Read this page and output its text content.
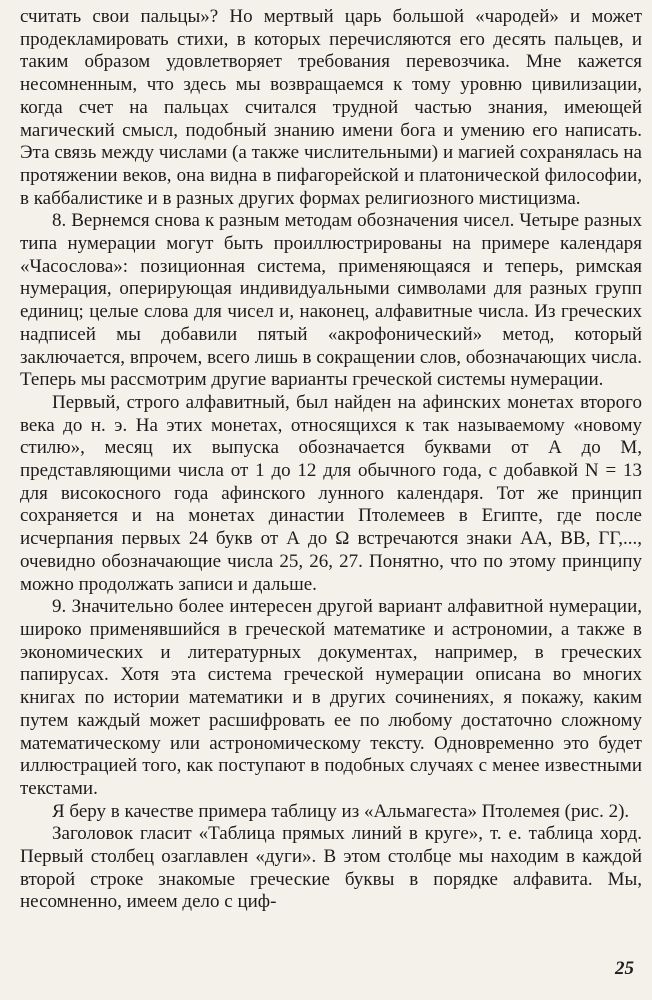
считать свои пальцы»? Но мертвый царь большой «чародей» и может продекламировать стихи, в которых перечисляются его десять пальцев, и таким образом удовлетворяет требования перевозчика. Мне кажется несомненным, что здесь мы возвращаемся к тому уровню цивилизации, когда счет на пальцах считался трудной частью знания, имеющей магический смысл, подобный знанию имени бога и умению его написать. Эта связь между числами (а также числительными) и магией сохранялась на протяжении веков, она видна в пифагорейской и платонической философии, в каббалистике и в разных других формах религиозного мистицизма.

8. Вернемся снова к разным методам обозначения чисел. Четыре разных типа нумерации могут быть проиллюстрированы на примере календаря «Часослова»: позиционная система, применяющаяся и теперь, римская нумерация, оперирующая индивидуальными символами для разных групп единиц; целые слова для чисел и, наконец, алфавитные числа. Из греческих надписей мы добавили пятый «акрофонический» метод, который заключается, впрочем, всего лишь в сокращении слов, обозначающих числа. Теперь мы рассмотрим другие варианты греческой системы нумерации.

Первый, строго алфавитный, был найден на афинских монетах второго века до н. э. На этих монетах, относящихся к так называемому «новому стилю», месяц их выпуска обозначается буквами от А до М, представляющими числа от 1 до 12 для обычного года, с добавкой N = 13 для високосного года афинского лунного календаря. Тот же принцип сохраняется и на монетах династии Птолемеев в Египте, где после исчерпания первых 24 букв от А до Ω встречаются знаки АА, ВВ, ГГ,..., очевидно обозначающие числа 25, 26, 27. Понятно, что по этому принципу можно продолжать записи и дальше.

9. Значительно более интересен другой вариант алфавитной нумерации, широко применявшийся в греческой математике и астрономии, а также в экономических и литературных документах, например, в греческих папирусах. Хотя эта система греческой нумерации описана во многих книгах по истории математики и в других сочинениях, я покажу, каким путем каждый может расшифровать ее по любому достаточно сложному математическому или астрономическому тексту. Одновременно это будет иллюстрацией того, как поступают в подобных случаях с менее известными текстами.

Я беру в качестве примера таблицу из «Альмагеста» Птолемея (рис. 2).

Заголовок гласит «Таблица прямых линий в круге», т. е. таблица хорд. Первый столбец озаглавлен «дуги». В этом столбце мы находим в каждой второй строке знакомые греческие буквы в порядке алфавита. Мы, несомненно, имеем дело с циф-

25
